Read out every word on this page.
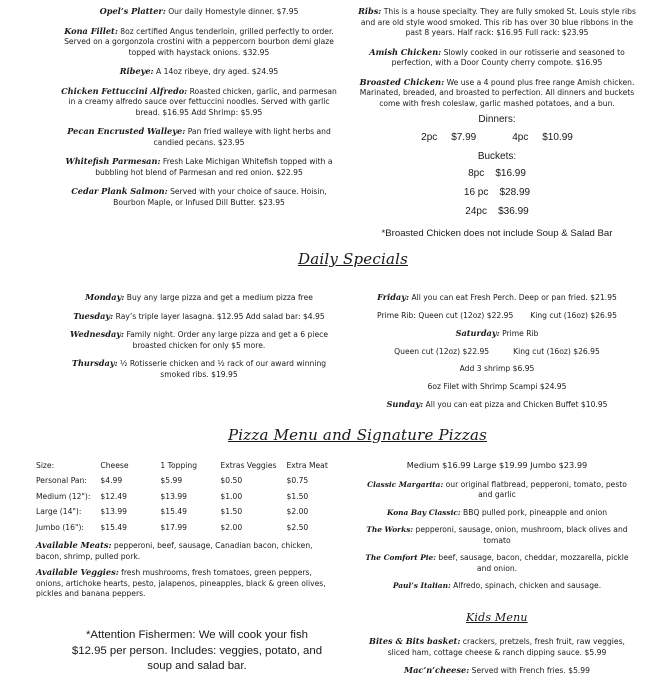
Opel’s Platter: Our daily Homestyle dinner. $7.95
Kona Fillet: 8oz certified Angus tenderloin, grilled perfectly to order. Served on a gorgonzola crostini with a peppercorn bourbon demi glaze topped with haystack onions. $32.95
Ribeye: A 14oz ribeye, dry aged. $24.95
Chicken Fettuccini Alfredo: Roasted chicken, garlic, and parmesan in a creamy alfredo sauce over fettuccini noodles. Served with garlic bread. $16.95 Add Shrimp: $5.95
Pecan Encrusted Walleye: Pan fried walleye with light herbs and candied pecans. $23.95
Whitefish Parmesan: Fresh Lake Michigan Whitefish topped with a bubbling hot blend of Parmesan and red onion. $22.95
Cedar Plank Salmon: Served with your choice of sauce. Hoisin, Bourbon Maple, or Infused Dill Butter. $23.95
Ribs: This is a house specialty. They are fully smoked St. Louis style ribs and are old style wood smoked. This rib has over 30 blue ribbons in the past 8 years. Half rack: $16.95 Full rack: $23.95
Amish Chicken: Slowly cooked in our rotisserie and seasoned to perfection, with a Door County cherry compote. $16.95
Broasted Chicken: We use a 4 pound plus free range Amish chicken. Marinated, breaded, and broasted to perfection. All dinners and buckets come with fresh coleslaw, garlic mashed potatoes, and a bun.
Dinners:
2pc $7.99	4pc $10.99
Buckets:
8pc $16.99
16 pc $28.99
24pc $36.99
*Broasted Chicken does not include Soup & Salad Bar
Daily Specials
Monday: Buy any large pizza and get a medium pizza free
Tuesday: Ray’s triple layer lasagna. $12.95 Add salad bar: $4.95
Wednesday: Family night. Order any large pizza and get a 6 piece broasted chicken for only $5 more.
Thursday: ½ Rotisserie chicken and ½ rack of our award winning smoked ribs. $19.95
Friday: All you can eat Fresh Perch. Deep or pan fried. $21.95
Prime Rib: Queen cut (12oz) $22.95 King cut (16oz) $26.95
Saturday: Prime Rib
Queen cut (12oz) $22.95	King cut (16oz) $26.95
Add 3 shrimp $6.95
6oz Filet with Shrimp Scampi $24.95
Sunday: All you can eat pizza and Chicken Buffet $10.95
Pizza Menu and Signature Pizzas
Size:	Cheese	1 Topping	Extras Veggies	Extra Meat
Personal Pan:	$4.99	$5.99	$0.50	$0.75
Medium (12"):	$12.49	$13.99	$1.00	$1.50
Large (14"):	$13.99	$15.49	$1.50	$2.00
Jumbo (16"):	$15.49	$17.99	$2.00	$2.50
Available Meats: pepperoni, beef, sausage, Canadian bacon, chicken, bacon, shrimp, pulled pork.
Available Veggies: fresh mushrooms, fresh tomatoes, green peppers, onions, artichoke hearts, pesto, jalapenos, pineapples, black & green olives, pickles and banana peppers.
Medium $16.99 Large $19.99 Jumbo $23.99
Classic Margarita: our original flatbread, pepperoni, tomato, pesto and garlic
Kona Bay Classic: BBQ pulled pork, pineapple and onion
The Works: pepperoni, sausage, onion, mushroom, black olives and tomato
The Comfort Pie: beef, sausage, bacon, cheddar, mozzarella, pickle and onion.
Paul’s Italian: Alfredo, spinach, chicken and sausage.
*Attention Fishermen: We will cook your fish $12.95 per person. Includes: veggies, potato, and soup and salad bar.
Kids Menu
Bites & Bits basket: crackers, pretzels, fresh fruit, raw veggies, sliced ham, cottage cheese & ranch dipping sauce. $5.99
Mac’n’cheese: Served with French fries. $5.99
